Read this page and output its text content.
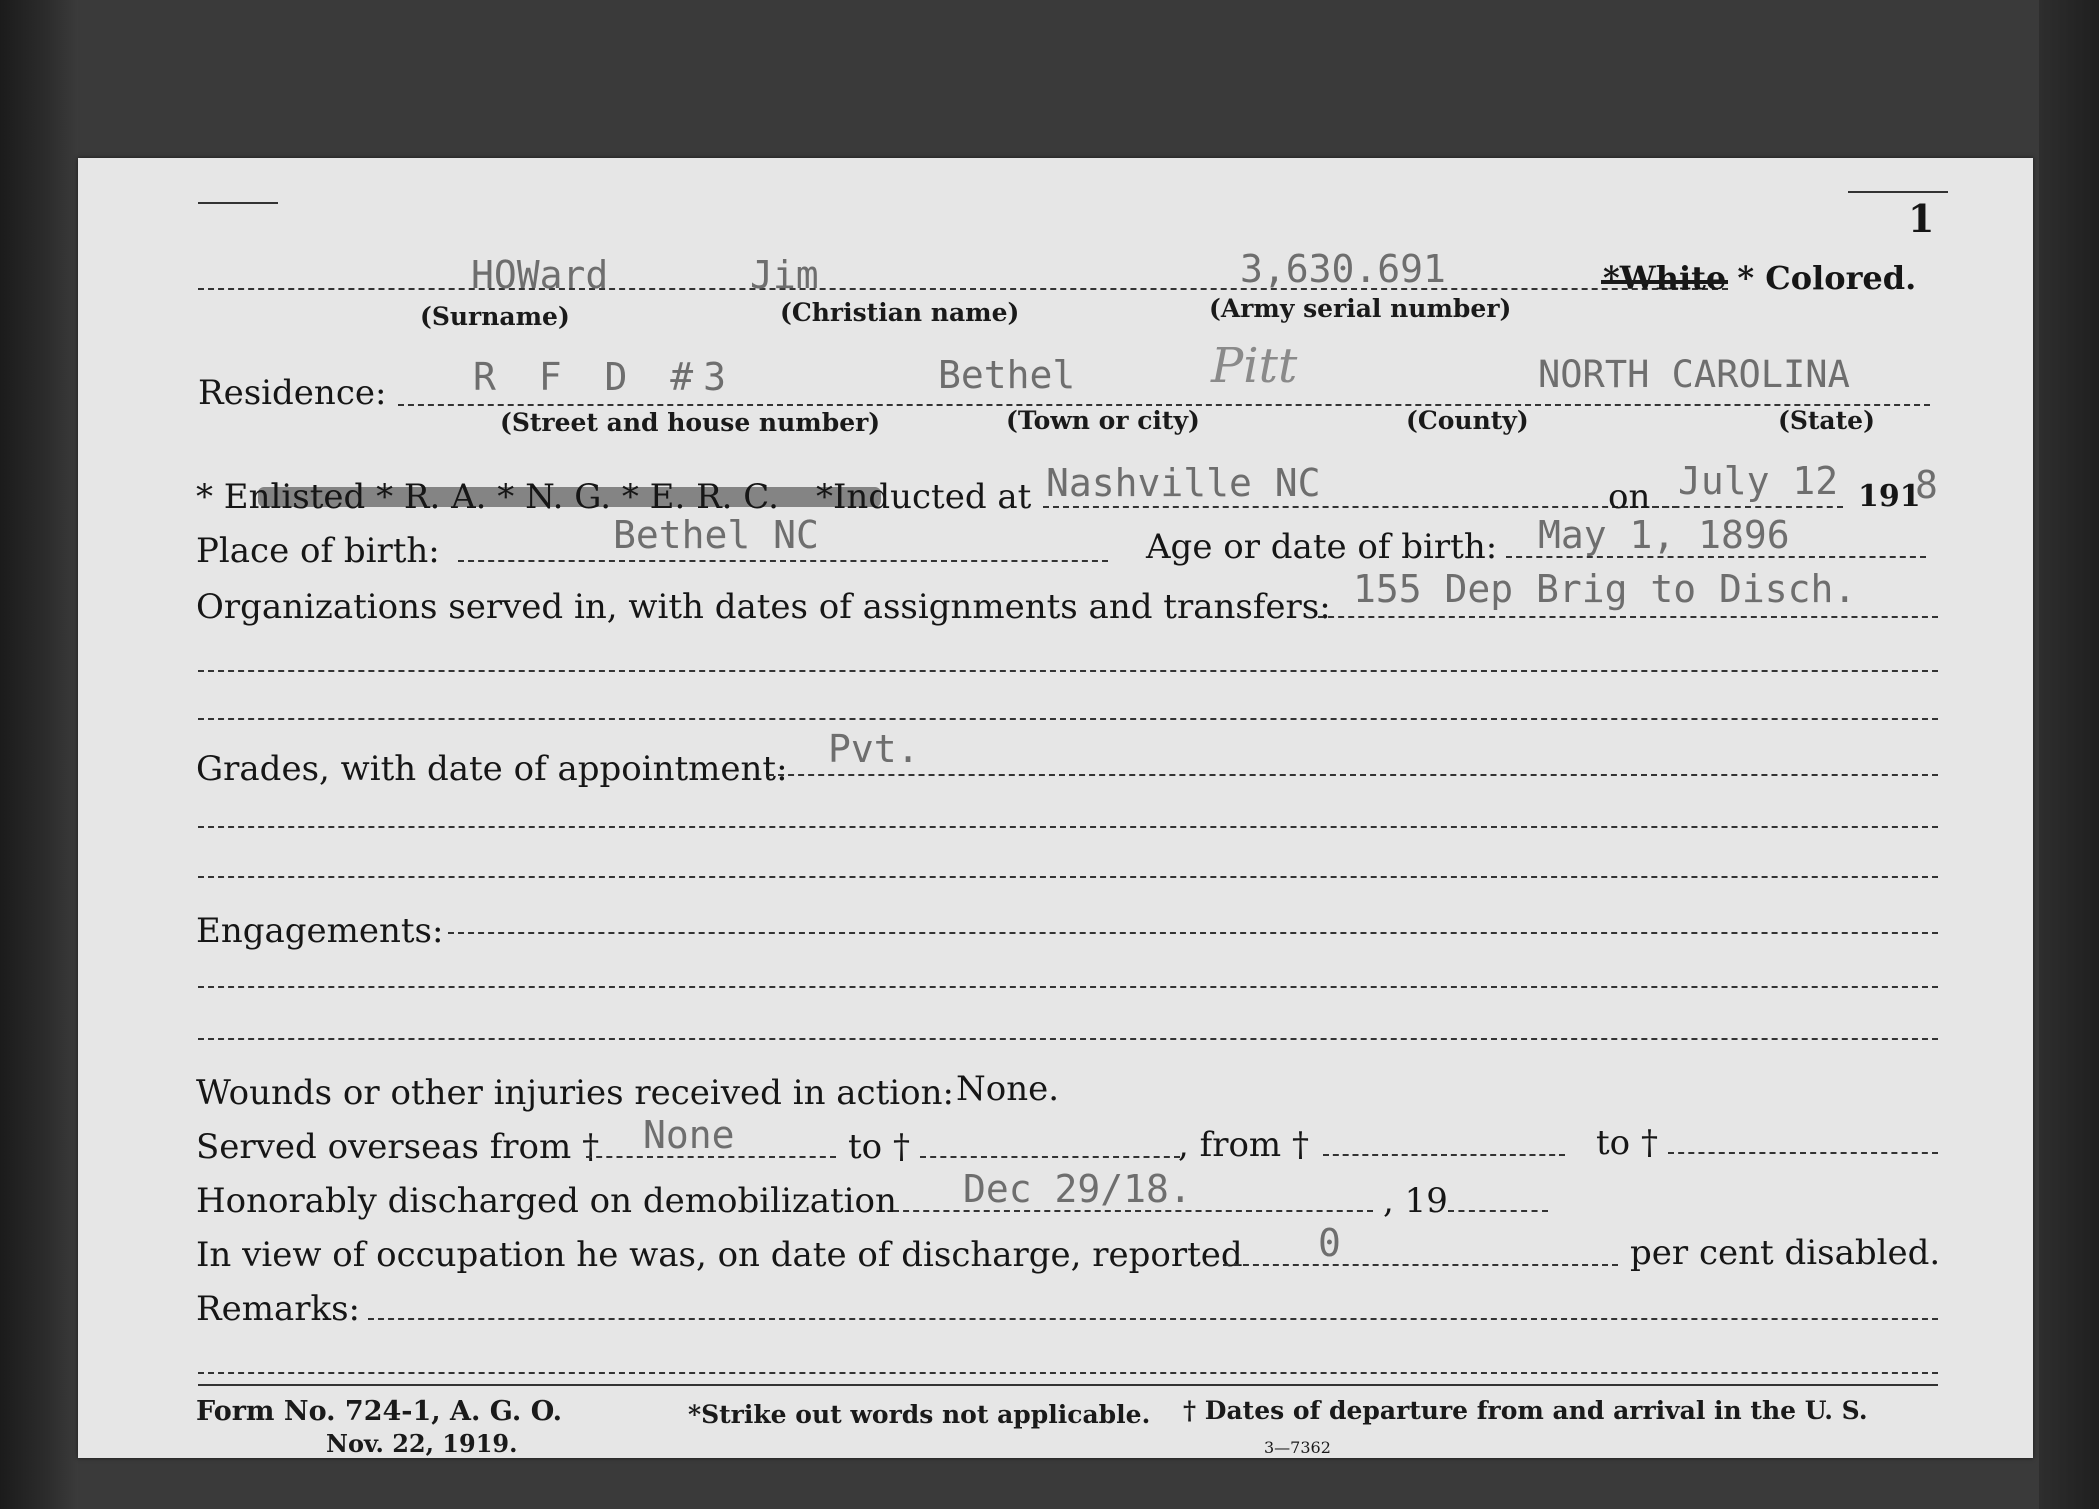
1
HOWard	Jim	3,630.691	*White * Colored.
(Surname)	(Christian name)	(Army serial number)
Residence: R F D #3	Bethel	Pitt	NORTH CAROLINA
(Street and house number)	(Town or city)	(County)	(State)
* Enlisted * R. A. * N. G. * E. R. C. *Inducted at Nashville NC	on July 12 191
8
Place of birth:	Bethel NC	Age or date of birth: May 1, 1896
Organizations served in, with dates of assignments and transfers: 155 Dep Brig to Disch.
Grades, with date of appointment: Pvt.
Engagements:
Wounds or other injuries received in action: None.
Served overseas from † None	to †	, from †	to †
Honorably discharged on demobilization Dec 29/18.	, 19
In view of occupation he was, on date of discharge, reported 0	per cent disabled.
Remarks:
Form No. 724-1, A. G. O.
Nov. 22, 1919.
*Strike out words not applicable. † Dates of departure from and arrival in the U. S.
3—7362
